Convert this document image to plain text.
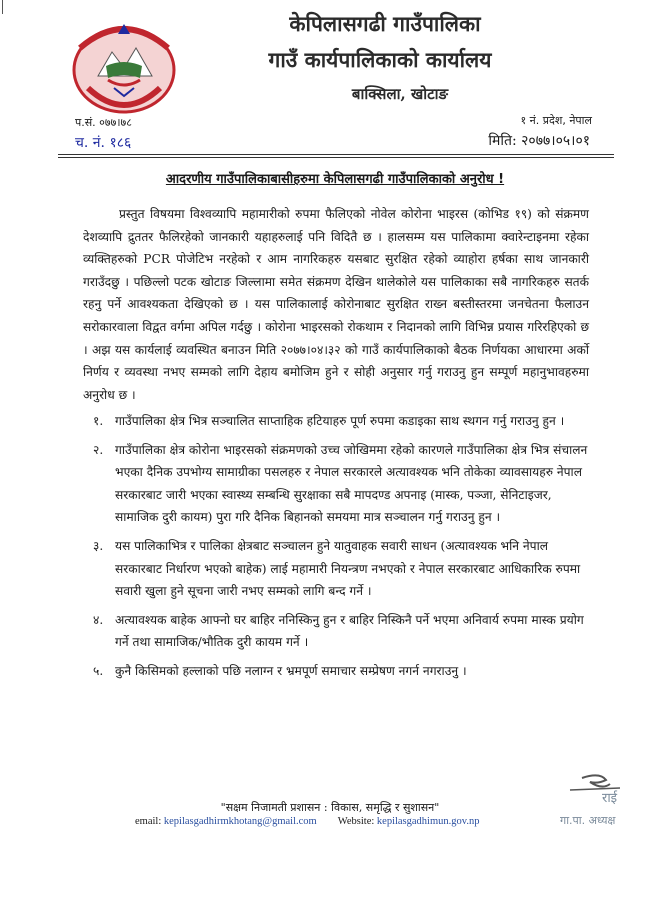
केपिलासगढी गाउँपालिका
गाउँ कार्यपालिकाको कार्यालय
बाक्सिला, खोटाङ
प.सं. ०७७।७८
च. नं. १८६
१ नं. प्रदेश, नेपाल
मिति: २०७७।०५।०१
आदरणीय गाउँपालिकाबासीहरुमा केपिलासगढी गाउँपालिकाको अनुरोध !

प्रस्तुत विषयमा विश्वव्यापि महामारीको रुपमा फैलिएको नोवेल कोरोना भाइरस (कोभिड १९) को संक्रमण देशव्यापि द्रुततर फैलिरहेको जानकारी यहाहरुलाई पनि विदितै छ । हालसम्म यस पालिकामा क्वारेन्टाइनमा रहेका व्यक्तिहरुको PCR पोजेटिभ नरहेको र आम नागरिकहरु यसबाट सुरक्षित रहेको व्याहोरा हर्षका साथ जानकारी गराउँदछु । पछिल्लो पटक खोटाङ जिल्लामा समेत संक्रमण देखिन थालेकोले यस पालिकाका सबै नागरिकहरु सतर्क रहनु पर्ने आवश्यकता देखिएको छ । यस पालिकालाई कोरोनाबाट सुरक्षित राख्न बस्तीस्तरमा जनचेतना फैलाउन सरोकारवाला विद्वत वर्गमा अपिल गर्दछु । कोरोना भाइरसको रोकथाम र निदानको लागि विभिन्न प्रयास गरिरहिएको छ । अझ यस कार्यलाई व्यवस्थित बनाउन मिति २०७७।०४।३२ को गाउँ कार्यपालिकाको बैठक निर्णयका आधारमा अर्को निर्णय र व्यवस्था नभए सम्मको लागि देहाय बमोजिम हुने र सोही अनुसार गर्नु गराउनु हुन सम्पूर्ण महानुभावहरुमा अनुरोध छ ।

१. गाउँपालिका क्षेत्र भित्र सञ्चालित साप्ताहिक हटियाहरु पूर्ण रुपमा कडाइका साथ स्थगन गर्नु गराउनु हुन ।
२. गाउँपालिका क्षेत्र कोरोना भाइरसको संक्रमणको उच्च जोखिममा रहेको कारणले गाउँपालिका क्षेत्र भित्र संचालन भएका दैनिक उपभोग्य सामाग्रीका पसलहरु र नेपाल सरकारले अत्यावश्यक भनि तोकेका व्यावसायहरु नेपाल सरकारबाट जारी भएका स्वास्थ्य सम्बन्धि सुरक्षाका सबै मापदण्ड अपनाइ (मास्क, पञ्जा, सेनिटाइजर, सामाजिक दुरी कायम) पुरा गरि दैनिक बिहानको समयमा मात्र सञ्चालन गर्नु गराउनु हुन ।
३. यस पालिकाभित्र र पालिका क्षेत्रबाट सञ्चालन हुने यातुवाहक सवारी साधन (अत्यावश्यक भनि नेपाल सरकारबाट निर्धारण भएको बाहेक) लाई महामारी नियन्त्रण नभएको र नेपाल सरकारबाट आधिकारिक रुपमा सवारी खुला हुने सूचना जारी नभए सम्मको लागि बन्द गर्ने ।
४. अत्यावश्यक बाहेक आफ्नो घर बाहिर ननिस्किनु हुन र बाहिर निस्किनै पर्ने भएमा अनिवार्य रुपमा मास्क प्रयोग गर्ने तथा सामाजिक/भौतिक दुरी कायम गर्ने ।
५. कुनै किसिमको हल्लाको पछि नलाग्न र भ्रमपूर्ण समाचार सम्प्रेषण नगर्न नगराउनु ।
राई
गा.पा. अध्यक्ष
"सक्षम निजामती प्रशासन : विकास, समृद्धि र सुशासन"
email: kepilasgadhirmkhotang@gmail.com Website: kepilasgadhimun.gov.np
